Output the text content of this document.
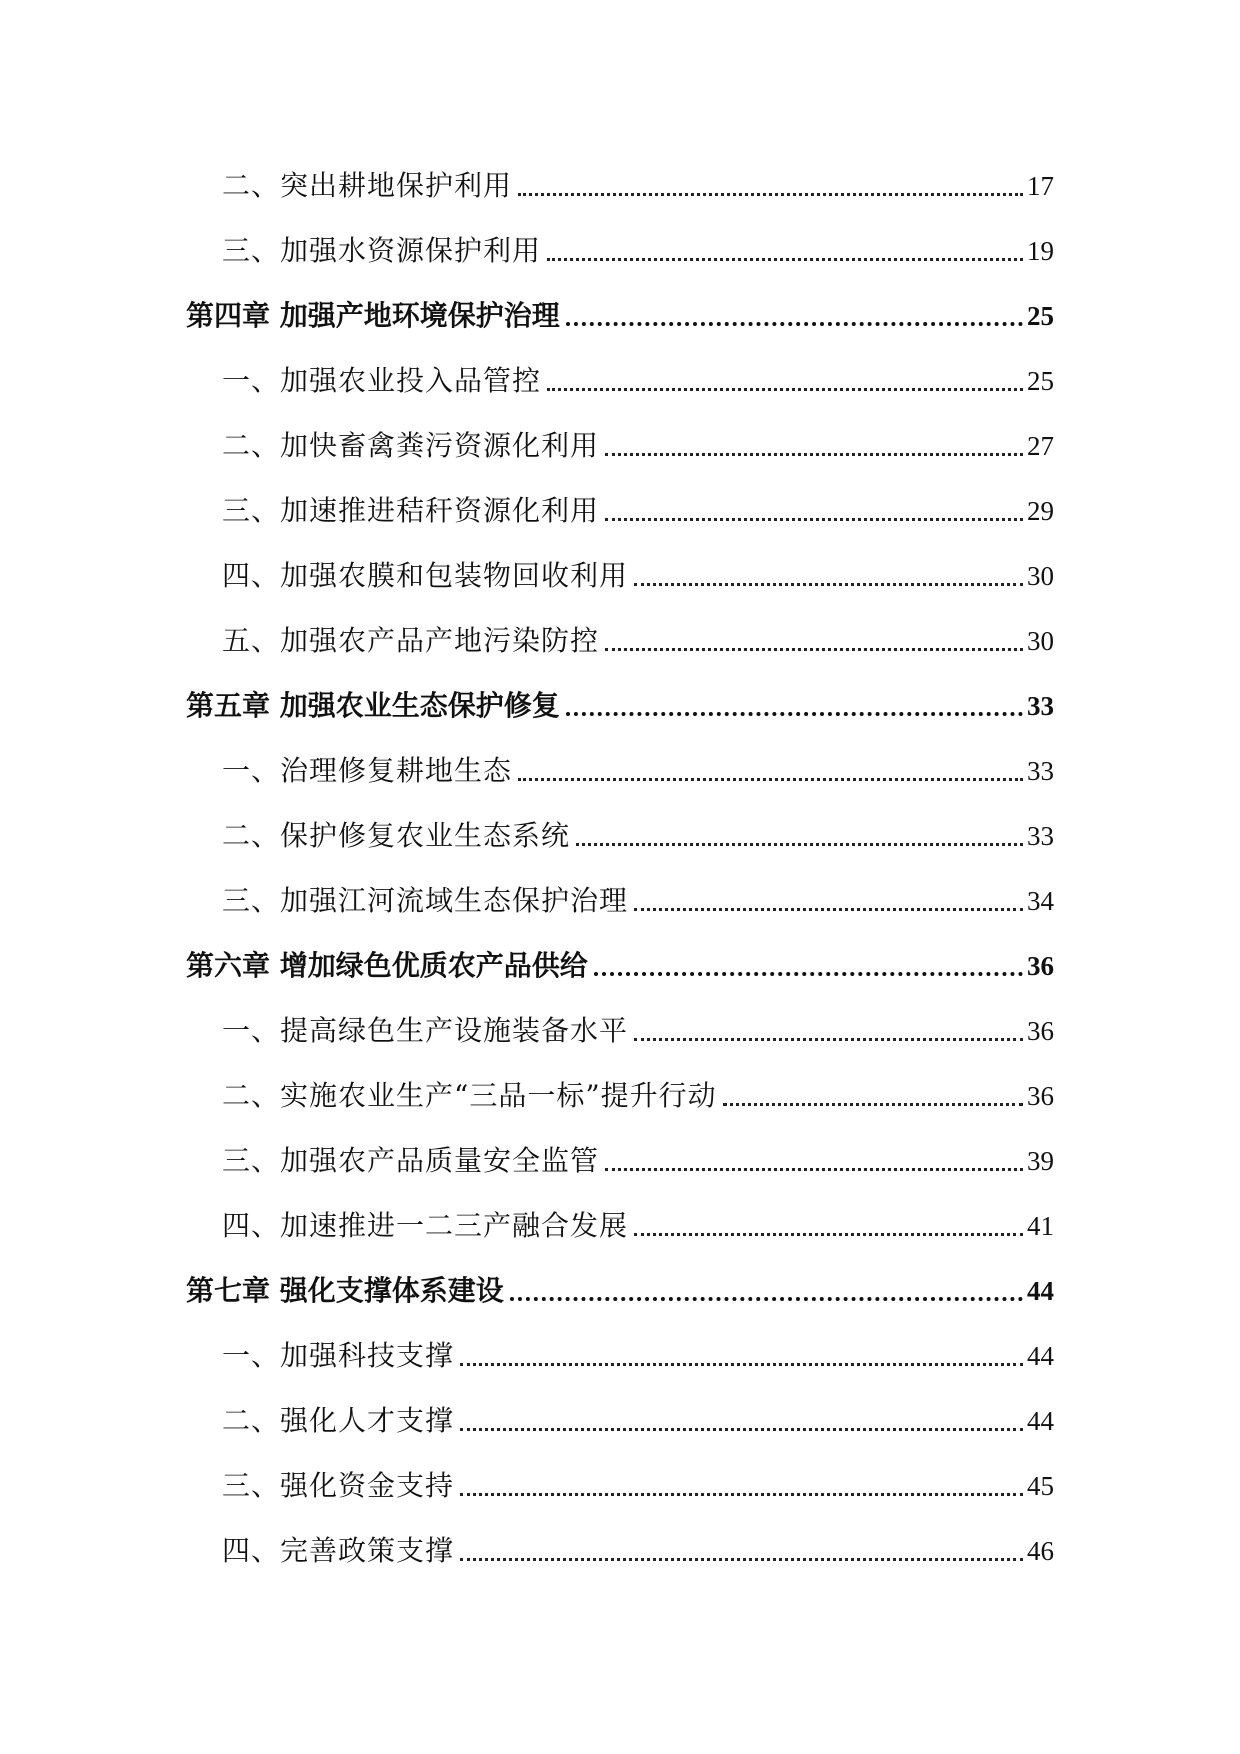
二、突出耕地保护利用	17
三、加强水资源保护利用	19
第四章 加强产地环境保护治理	25
一、加强农业投入品管控	25
二、加快畜禽粪污资源化利用	27
三、加速推进秸秆资源化利用	29
四、加强农膜和包装物回收利用	30
五、加强农产品产地污染防控	30
第五章 加强农业生态保护修复	33
一、治理修复耕地生态	33
二、保护修复农业生态系统	33
三、加强江河流域生态保护治理	34
第六章 增加绿色优质农产品供给	36
一、提高绿色生产设施装备水平	36
二、实施农业生产“三品一标”提升行动	36
三、加强农产品质量安全监管	39
四、加速推进一二三产融合发展	41
第七章 强化支撑体系建设	44
一、加强科技支撑	44
二、强化人才支撑	44
三、强化资金支持	45
四、完善政策支撑	46
